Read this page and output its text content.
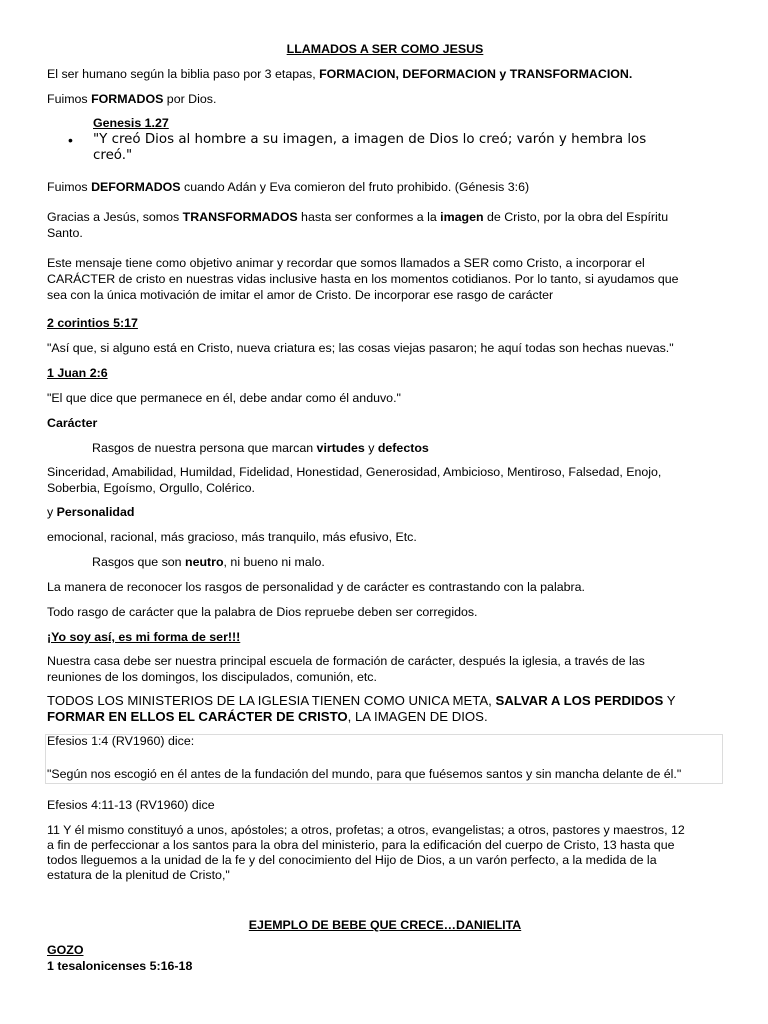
LLAMADOS A SER COMO JESUS
El ser humano según la biblia paso por 3 etapas, FORMACION, DEFORMACION y TRANSFORMACION.
Fuimos FORMADOS por Dios.
Genesis 1.27
• "Y creó Dios al hombre a su imagen, a imagen de Dios lo creó; varón y hembra los
creó."
Fuimos DEFORMADOS cuando Adán y Eva comieron del fruto prohibido. (Génesis 3:6)
Gracias a Jesús, somos TRANSFORMADOS hasta ser conformes a la imagen de Cristo, por la obra del Espíritu
Santo.
Este mensaje tiene como objetivo animar y recordar que somos llamados a SER como Cristo, a incorporar el
CARÁCTER de cristo en nuestras vidas inclusive hasta en los momentos cotidianos. Por lo tanto, si ayudamos que
sea con la única motivación de imitar el amor de Cristo. De incorporar ese rasgo de carácter
2 corintios 5:17
"Así que, si alguno está en Cristo, nueva criatura es; las cosas viejas pasaron; he aquí todas son hechas nuevas."
1 Juan 2:6
"El que dice que permanece en él, debe andar como él anduvo."
Carácter
Rasgos de nuestra persona que marcan virtudes y defectos
Sinceridad, Amabilidad, Humildad, Fidelidad, Honestidad, Generosidad, Ambicioso, Mentiroso, Falsedad, Enojo,
Soberbia, Egoísmo, Orgullo, Colérico.
y Personalidad
emocional, racional, más gracioso, más tranquilo, más efusivo, Etc.
Rasgos que son neutro, ni bueno ni malo.
La manera de reconocer los rasgos de personalidad y de carácter es contrastando con la palabra.
Todo rasgo de carácter que la palabra de Dios repruebe deben ser corregidos.
¡Yo soy así, es mi forma de ser!!!
Nuestra casa debe ser nuestra principal escuela de formación de carácter, después la iglesia, a través de las
reuniones de los domingos, los discipulados, comunión, etc.
TODOS LOS MINISTERIOS DE LA IGLESIA TIENEN COMO UNICA META, SALVAR A LOS PERDIDOS Y
FORMAR EN ELLOS EL CARÁCTER DE CRISTO, LA IMAGEN DE DIOS.
Efesios 1:4 (RV1960) dice:
"Según nos escogió en él antes de la fundación del mundo, para que fuésemos santos y sin mancha delante de él."
Efesios 4:11-13 (RV1960) dice
11 Y él mismo constituyó a unos, apóstoles; a otros, profetas; a otros, evangelistas; a otros, pastores y maestros, 12
a fin de perfeccionar a los santos para la obra del ministerio, para la edificación del cuerpo de Cristo, 13 hasta que
todos lleguemos a la unidad de la fe y del conocimiento del Hijo de Dios, a un varón perfecto, a la medida de la
estatura de la plenitud de Cristo,"
EJEMPLO DE BEBE QUE CRECE…DANIELITA
GOZO
1 tesalonicenses 5:16-18
